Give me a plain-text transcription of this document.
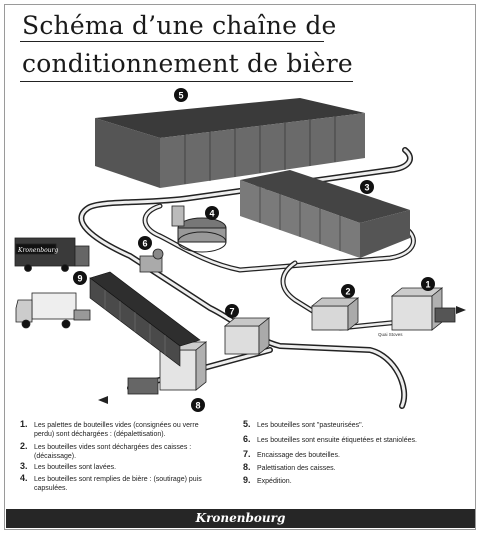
Schéma d’une chaîne de
conditionnement de bière
Kronenbourg
Quai Stoves
1
2
3
4
5
6
7
8
9
1. Les palettes de bouteilles vides (consignées ou verre perdu) sont déchargées : (dépalettisation).
2. Les bouteilles vides sont déchargées des caisses : (décaissage).
3. Les bouteilles sont lavées.
4. Les bouteilles sont remplies de bière : (soutirage) puis capsulées.
5. Les bouteilles sont "pasteurisées".
6. Les bouteilles sont ensuite étiquetées et staniolées.
7. Encaissage des bouteilles.
8. Palettisation des caisses.
9. Expédition.
Kronenbourg
